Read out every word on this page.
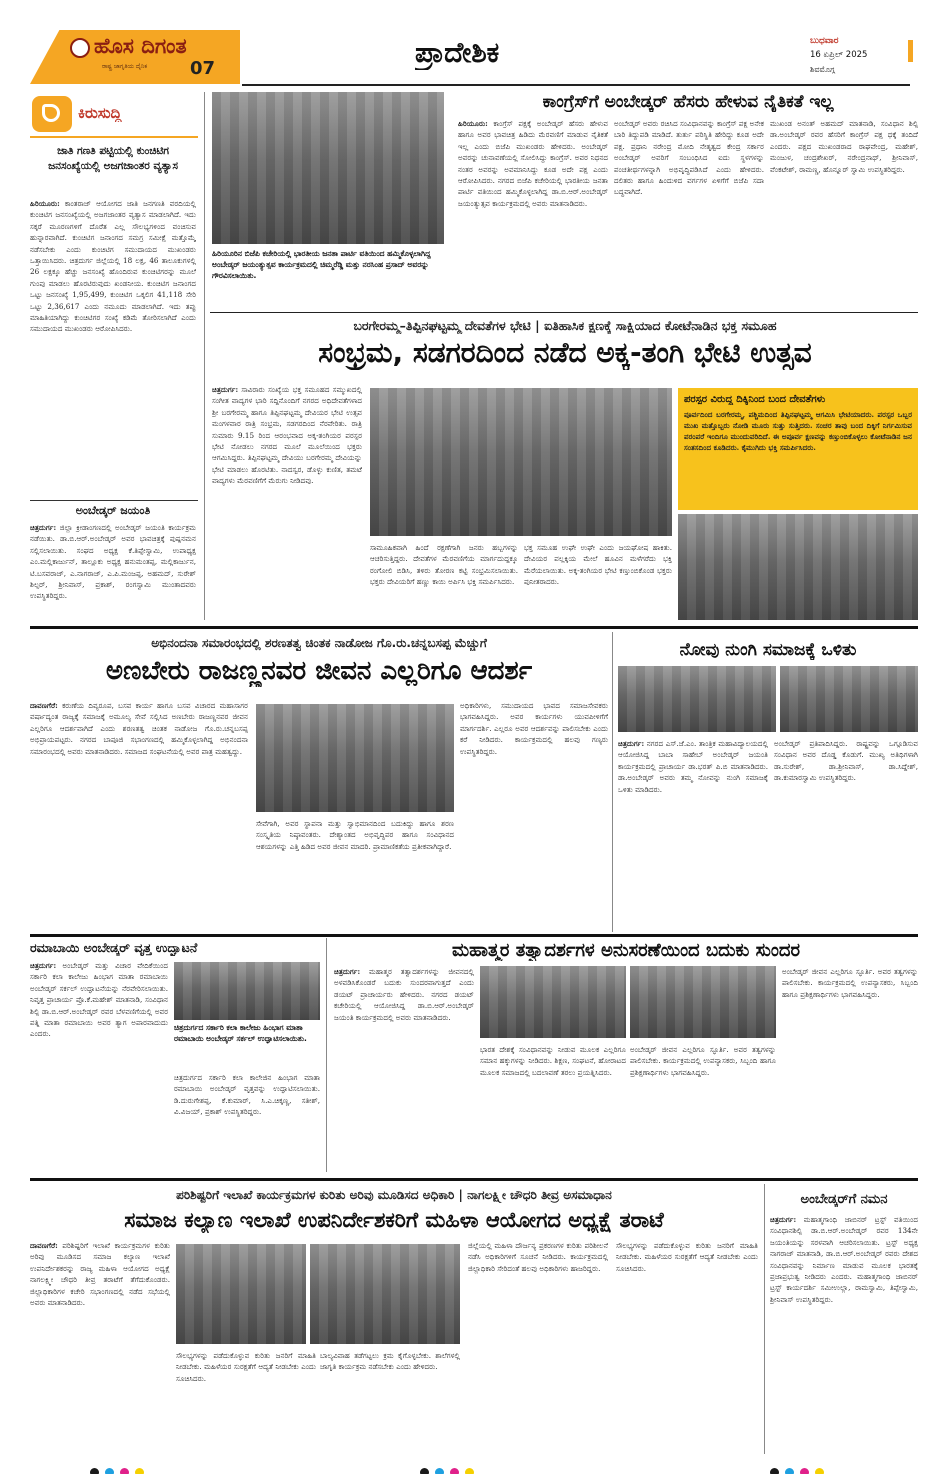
ಹೊಸ ದಿಗಂತ
ರಾಷ್ಟ್ರ ಜಾಗೃತಿಯ ದೈನಿಕ 07	ಪ್ರಾದೇಶಿಕ	ಬುಧವಾರ
16 ಏಪ್ರಿಲ್ 2025
ಶಿವಮೊಗ್ಗ
ಕಿರುಸುದ್ದಿ
ಜಾತಿ ಗಣತಿ ಪಟ್ಟಿಯಲ್ಲಿ ಕುಂಚಿಟಿಗ ಜನಸಂಖ್ಯೆಯಲ್ಲಿ ಅಜಗಜಾಂತರ ವ್ಯತ್ಯಾಸ
ಹಿರಿಯೂರು: ಕಾಂತರಾಜ್ ಆಯೋಗದ ಜಾತಿ ಜನಗಣತಿ ವರದಿಯಲ್ಲಿ ಕುಂಚಿಟಿಗ ಜನಸಂಖ್ಯೆಯಲ್ಲಿ ಅಜಗಜಾಂತರ ವ್ಯತ್ಯಾಸ ಮಾಡಲಾಗಿದೆ. ಇದು ಸಕ್ಕರೆ ಮೂರಣಗಳಿಗೆ ದೊರೆತ ಎಲ್ಲ ಸೌಲಭ್ಯಗಳಿಂದ ವಂಚಿಸುವ ಹುನ್ನಾರವಾಗಿದೆ. ಕುಂಚಿಟಿಗ ಜನಾಂಗದ ಸಮಗ್ರ ಸಮೀಕ್ಷೆ ಮತ್ತೊಮ್ಮೆ ನಡೆಸಬೇಕು ಎಂದು ಕುಂಚಿಟಿಗ ಸಮುದಾಯದ ಮುಖಂಡರು ಒತ್ತಾಯಿಸಿದರು. ಚಿತ್ರದುರ್ಗ ಜಿಲ್ಲೆಯಲ್ಲಿ 18 ಲಕ್ಷ, 46 ತಾಲೂಕುಗಳಲ್ಲಿ 26 ಲಕ್ಷಕ್ಕೂ ಹೆಚ್ಚು ಜನಸಂಖ್ಯೆ ಹೊಂದಿರುವ ಕುಂಚಿಟಿಗರನ್ನು ಮೂಲೆ ಗುಂಪು ಮಾಡಲು ಹೊರಟಿರುವುದು ಖಂಡನೀಯ. ಕುಂಚಿಟಿಗ ಜನಾಂಗದ ಒಟ್ಟು ಜನಸಂಖ್ಯೆ 1,95,499, ಕುಂಚಿಟಿಗ ಒಕ್ಕಲಿಗ 41,118 ಸೇರಿ ಒಟ್ಟು 2,36,617 ಎಂದು ನಮೂದು ಮಾಡಲಾಗಿದೆ. ಇದು ತಪ್ಪು ಮಾಹಿತಿಯಾಗಿದ್ದು ಕುಂಚಿಟಿಗರ ಸಂಖ್ಯೆ ಕಡಿಮೆ ತೋರಿಸಲಾಗಿದೆ ಎಂದು ಸಮುದಾಯದ ಮುಖಂಡರು ಆರೋಪಿಸಿದರು.
ಅಂಬೇಡ್ಕರ್ ಜಯಂತಿ
ಚಿತ್ರದುರ್ಗ: ಜಿಲ್ಲಾ ಕ್ರೀಡಾಂಗಣದಲ್ಲಿ ಅಂಬೇಡ್ಕರ್ ಜಯಂತಿ ಕಾರ್ಯಕ್ರಮ ನಡೆಯಿತು. ಡಾ.ಬಿ.ಆರ್.ಅಂಬೇಡ್ಕರ್ ಅವರ ಭಾವಚಿತ್ರಕ್ಕೆ ಪುಷ್ಪನಮನ ಸಲ್ಲಿಸಲಾಯಿತು. ಸಂಘದ ಅಧ್ಯಕ್ಷ ಕೆ.ತಿಪ್ಪೇಸ್ವಾಮಿ, ಉಪಾಧ್ಯಕ್ಷ ಎಂ.ಮಲ್ಲಿಕಾರ್ಜುನ್, ತಾಲ್ಲೂಕು ಅಧ್ಯಕ್ಷ ಹನುಮಂತಪ್ಪ, ಮಲ್ಲಿಕಾರ್ಜುನ, ಟಿ.ಬಸವರಾಜ್, ಎ.ನಾಗರಾಜ್, ಎ.ಪಿ.ಮಂಜಪ್ಪ, ಅಹಮದ್, ಸುರೇಶ್ ಶಿಲ್ಪರ್, ಶ್ರೀನಿವಾಸ್, ಪ್ರಕಾಶ್, ರಂಗಸ್ವಾಮಿ ಮುಂತಾದವರು ಉಪಸ್ಥಿತರಿದ್ದರು.
ಹಿರಿಯೂರಿನ ಬಿಜೆಪಿ ಕಚೇರಿಯಲ್ಲಿ ಭಾರತೀಯ ಜನತಾ ಪಾರ್ಟಿ ವತಿಯಿಂದ ಹಮ್ಮಿಕೊಳ್ಳಲಾಗಿದ್ದ ಅಂಬೇಡ್ಕರ್ ಜಯಂತ್ಯುತ್ಸವ ಕಾರ್ಯಕ್ರಮದಲ್ಲಿ ಚಿಮ್ಮರೆಡ್ಡಿ ಮತ್ತು ನರಸಿಂಹ ಪ್ರಸಾದ್ ಅವರನ್ನು ಗೌರವಿಸಲಾಯಿತು.
ಕಾಂಗ್ರೆಸ್‌ಗೆ ಅಂಬೇಡ್ಕರ್ ಹೆಸರು ಹೇಳುವ ನೈತಿಕತೆ ಇಲ್ಲ
ಹಿರಿಯೂರು: ಕಾಂಗ್ರೆಸ್ ಪಕ್ಷಕ್ಕೆ ಅಂಬೇಡ್ಕರ್ ಹೆಸರು ಹೇಳುವ ಹಾಗೂ ಅವರ ಭಾವಚಿತ್ರ ಹಿಡಿದು ಮೆರವಣಿಗೆ ಮಾಡುವ ನೈತಿಕತೆ ಇಲ್ಲ ಎಂದು ಬಿಜೆಪಿ ಮುಖಂಡರು ಹೇಳಿದರು. ಅಂಬೇಡ್ಕರ್ ಅವರನ್ನು ಚುನಾವಣೆಯಲ್ಲಿ ಸೋಲಿಸಿದ್ದು ಕಾಂಗ್ರೆಸ್. ಅವರ ನಿಧನದ ನಂತರ ಅವರನ್ನು ಅವಮಾನಿಸಿದ್ದು ಕೂಡ ಅದೇ ಪಕ್ಷ ಎಂದು ಆರೋಪಿಸಿದರು. ನಗರದ ಬಿಜೆಪಿ ಕಚೇರಿಯಲ್ಲಿ ಭಾರತೀಯ ಜನತಾ ಪಾರ್ಟಿ ವತಿಯಿಂದ ಹಮ್ಮಿಕೊಳ್ಳಲಾಗಿದ್ದ ಡಾ.ಬಿ.ಆರ್.ಅಂಬೇಡ್ಕರ್ ಜಯಂತ್ಯುತ್ಸವ ಕಾರ್ಯಕ್ರಮದಲ್ಲಿ ಅವರು ಮಾತನಾಡಿದರು.
ಅಂಬೇಡ್ಕರ್ ಅವರು ರಚಿಸಿದ ಸಂವಿಧಾನವನ್ನು ಕಾಂಗ್ರೆಸ್ ಪಕ್ಷ ಅನೇಕ ಬಾರಿ ತಿದ್ದುಪಡಿ ಮಾಡಿದೆ. ತುರ್ತು ಪರಿಸ್ಥಿತಿ ಹೇರಿದ್ದು ಕೂಡ ಅದೇ ಪಕ್ಷ. ಪ್ರಧಾನಿ ನರೇಂದ್ರ ಮೋದಿ ನೇತೃತ್ವದ ಕೇಂದ್ರ ಸರ್ಕಾರ ಅಂಬೇಡ್ಕರ್ ಅವರಿಗೆ ಸಂಬಂಧಿಸಿದ ಐದು ಸ್ಥಳಗಳನ್ನು ಪಂಚತೀರ್ಥಗಳನ್ನಾಗಿ ಅಭಿವೃದ್ಧಿಪಡಿಸಿದೆ ಎಂದು ಹೇಳಿದರು. ದಲಿತರು ಹಾಗೂ ಹಿಂದುಳಿದ ವರ್ಗಗಳ ಏಳಿಗೆಗೆ ಬಿಜೆಪಿ ಸದಾ ಬದ್ಧವಾಗಿದೆ.
ಮುಖಂಡ ಅನಂತ್ ಅಹಮದ್ ಮಾತನಾಡಿ, ಸಂವಿಧಾನ ಶಿಲ್ಪಿ ಡಾ.ಅಂಬೇಡ್ಕರ್ ರವರ ಹೆಸರಿಗೆ ಕಾಂಗ್ರೆಸ್ ಪಕ್ಷ ಧಕ್ಕೆ ತಂದಿದೆ ಎಂದರು. ಪಕ್ಷದ ಮುಖಂಡರಾದ ರಾಘವೇಂದ್ರ, ಮಹೇಶ್, ಮಂಜುಳ, ಚಂದ್ರಶೇಖರ್, ನರೇಂದ್ರನಾಥ್, ಶ್ರೀನಿವಾಸ್, ವೆಂಕಟೇಶ್, ರಾಮಣ್ಣ, ಹೊನ್ನೂರ್ ಸ್ವಾಮಿ ಉಪಸ್ಥಿತರಿದ್ದರು.
ಬರಗೇರಮ್ಮ–ತಿಪ್ಪಿನಘಟ್ಟಮ್ಮ ದೇವತೆಗಳ ಭೇಟಿ | ಐತಿಹಾಸಿಕ ಕ್ಷಣಕ್ಕೆ ಸಾಕ್ಷಿಯಾದ ಕೋಟೆನಾಡಿನ ಭಕ್ತ ಸಮೂಹ
ಸಂಭ್ರಮ, ಸಡಗರದಿಂದ ನಡೆದ ಅಕ್ಕ-ತಂಗಿ ಭೇಟಿ ಉತ್ಸವ
ಚಿತ್ರದುರ್ಗ: ಸಾವಿರಾರು ಸಂಖ್ಯೆಯ ಭಕ್ತ ಸಮೂಹದ ಸಮ್ಮುಖದಲ್ಲಿ ಸಂಗೀತ ವಾದ್ಯಗಳ ಭಾರಿ ಸದ್ದಿನೊಂದಿಗೆ ನಗರದ ಅಧಿದೇವತೆಗಳಾದ ಶ್ರೀ ಬರಗೇರಮ್ಮ ಹಾಗೂ ತಿಪ್ಪಿನಘಟ್ಟಮ್ಮ ದೇವಿಯರ ಭೇಟಿ ಉತ್ಸವ ಮಂಗಳವಾರ ರಾತ್ರಿ ಸಂಭ್ರಮ, ಸಡಗರದಿಂದ ನೆರವೇರಿತು. ರಾತ್ರಿ ಸುಮಾರು 9.15 ರಿಂದ ಆರಂಭವಾದ ಅಕ್ಕ-ತಂಗಿಯರ ಪರಸ್ಪರ ಭೇಟಿ ನೋಡಲು ನಗರದ ಮೂಲೆ ಮೂಲೆಯಿಂದ ಭಕ್ತರು ಆಗಮಿಸಿದ್ದರು. ತಿಪ್ಪಿನಘಟ್ಟಮ್ಮ ದೇವಿಯು ಬರಗೇರಮ್ಮ ದೇವಿಯನ್ನು ಭೇಟಿ ಮಾಡಲು ಹೊರಟಿತು. ನಾದಸ್ವರ, ಡೊಳ್ಳು ಕುಣಿತ, ತಮಟೆ ವಾದ್ಯಗಳು ಮೆರವಣಿಗೆಗೆ ಮೆರುಗು ನೀಡಿದವು.
ಸಾಮೂಹಿಕವಾಗಿ ಹಿಂದೆ ರಕ್ಷಣೆಗಾಗಿ ಜನರು ಹಬ್ಬಗಳನ್ನು ಆಚರಿಸುತ್ತಿದ್ದರು. ದೇವತೆಗಳ ಮೆರವಣಿಗೆಯ ಮಾರ್ಗದುದ್ದಕ್ಕೂ ರಂಗೋಲಿ ಬಿಡಿಸಿ, ತಳಿರು ತೋರಣ ಕಟ್ಟಿ ಸಂಭ್ರಮಿಸಲಾಯಿತು. ಭಕ್ತರು ದೇವಿಯರಿಗೆ ಹಣ್ಣು ಕಾಯಿ ಅರ್ಪಿಸಿ ಭಕ್ತಿ ಸಮರ್ಪಿಸಿದರು.
ಭಕ್ತ ಸಮೂಹ ಉಘೇ ಉಘೇ ಎಂದು ಜಯಘೋಷ ಹಾಕಿತು. ದೇವಿಯರ ಪಲ್ಲಕ್ಕಿಯ ಮೇಲೆ ಹೂವಿನ ಮಳೆಗರೆದು ಭಕ್ತಿ ಮೆರೆಯಲಾಯಿತು. ಅಕ್ಕ-ತಂಗಿಯರ ಭೇಟಿ ಕಣ್ತುಂಬಿಕೊಂಡ ಭಕ್ತರು ಪುನೀತರಾದರು.
ಪರಸ್ಪರ ವಿರುದ್ಧ ದಿಕ್ಕಿನಿಂದ ಬಂದ ದೇವತೆಗಳು
ಪೂರ್ವದಿಂದ ಬರಗೇರಮ್ಮ, ಪಶ್ಚಿಮದಿಂದ ತಿಪ್ಪಿನಘಟ್ಟಮ್ಮ ಆಗಮಿಸಿ ಭೇಟಿಯಾದರು. ಪರಸ್ಪರ ಒಬ್ಬರ ಮುಖ ಮತ್ತೊಬ್ಬರು ನೋಡಿ ಮೂರು ಸುತ್ತು ಸುತ್ತಿದರು. ಸಂಚರ ತಾವು ಬಂದ ದಿಕ್ಕಿಗೆ ನಿರ್ಗಮಿಸುವ ಪರಂಪರೆ ಇಂದಿಗೂ ಮುಂದುವರಿದಿದೆ. ಈ ಅಪೂರ್ವ ಕ್ಷಣವನ್ನು ಕಣ್ತುಂಬಿಕೊಳ್ಳಲು ಕೋಟೆನಾಡಿನ ಜನ ಸಂತಸದಿಂದ ಕೂಡಿದರು. ಕೈಮುಗಿದು ಭಕ್ತಿ ಸಮರ್ಪಿಸಿದರು.
ಅಭಿನಂದನಾ ಸಮಾರಂಭದಲ್ಲಿ ಶರಣತತ್ವ ಚಿಂತಕ ನಾಡೋಜ ಗೊ.ರು.ಚನ್ನಬಸಪ್ಪ ಮೆಚ್ಚುಗೆ
ಅಣಬೇರು ರಾಜಣ್ಣನವರ ಜೀವನ ಎಲ್ಲರಿಗೂ ಆದರ್ಶ
ದಾವಣಗೆರೆ: ಕರುಣೆಯ ದಿವ್ಯರೂಪ, ಬಸವ ಕಾರ್ಯ ಹಾಗೂ ಬಸವ ವಿಚಾರದ ಮಹಾಸಾಗರ ವರ್ಷಾದ್ಯಂತ ರಾಜ್ಯಕ್ಕೆ ಸಮಾಜಕ್ಕೆ ಅಮೂಲ್ಯ ಸೇವೆ ಸಲ್ಲಿಸಿದ ಅಣಬೇರು ರಾಜಣ್ಣನವರ ಜೀವನ ಎಲ್ಲರಿಗೂ ಆದರ್ಶವಾಗಿದೆ ಎಂದು ಶರಣತತ್ವ ಚಿಂತಕ ನಾಡೋಜ ಗೊ.ರು.ಚನ್ನಬಸಪ್ಪ ಅಭಿಪ್ರಾಯಪಟ್ಟರು. ನಗರದ ಬಾಪೂಜಿ ಸಭಾಂಗಣದಲ್ಲಿ ಹಮ್ಮಿಕೊಳ್ಳಲಾಗಿದ್ದ ಅಭಿನಂದನಾ ಸಮಾರಂಭದಲ್ಲಿ ಅವರು ಮಾತನಾಡಿದರು. ಸಮಾಜದ ಸಂಘಟನೆಯಲ್ಲಿ ಅವರ ಪಾತ್ರ ಮಹತ್ವದ್ದು.
ಸೇವೆಗಾಗಿ, ಅವರ ಸ್ಥಾಪನಾ ಮತ್ತು ಸ್ವಾಭಿಮಾನದಿಂದ ಬದುಕಿದ್ದು ಹಾಗೂ ಶರಣ ಸಂಸ್ಕೃತಿಯ ನಿಷ್ಠಾವಂತರು. ದೇಶ್ಯಾಂತದ ಅಭಿವೃದ್ಧಿಪರ ಹಾಗೂ ಸಂವಿಧಾನದ ಆಶಯಗಳನ್ನು ಎತ್ತಿ ಹಿಡಿದ ಅವರ ಜೀವನ ಮಾದರಿ. ಪ್ರಾಮಾಣಿಕತೆಯ ಪ್ರತೀಕವಾಗಿದ್ದಾರೆ.
ಅಧಿಕಾರಿಗಳು, ಸಮುದಾಯದ ಭಾವದ ಸಮಾಜಸೇವಕರು ಭಾಗವಹಿಸಿದ್ದರು. ಅವರ ಕಾರ್ಯಗಳು ಯುವಪೀಳಿಗೆಗೆ ಮಾರ್ಗದರ್ಶಿ. ಎಲ್ಲರೂ ಅವರ ಆದರ್ಶವನ್ನು ಪಾಲಿಸಬೇಕು ಎಂದು ಕರೆ ನೀಡಿದರು. ಕಾರ್ಯಕ್ರಮದಲ್ಲಿ ಹಲವು ಗಣ್ಯರು ಉಪಸ್ಥಿತರಿದ್ದರು.
ನೋವು ನುಂಗಿ ಸಮಾಜಕ್ಕೆ ಒಳಿತು
ಚಿತ್ರದುರ್ಗ: ನಗರದ ಎಸ್.ಜೆ.ಎಂ. ತಾಂತ್ರಿಕ ಮಹಾವಿದ್ಯಾಲಯದಲ್ಲಿ ಆಯೋಜಿಸಿದ್ದ ಬಾಬಾ ಸಾಹೇಬ್ ಅಂಬೇಡ್ಕರ್ ಜಯಂತಿ ಕಾರ್ಯಕ್ರಮದಲ್ಲಿ ಪ್ರಾಚಾರ್ಯ ಡಾ.ಭರತ್ ಪಿ.ಬಿ ಮಾತನಾಡಿದರು. ಡಾ.ಅಂಬೇಡ್ಕರ್ ಅವರು ತಮ್ಮ ನೋವನ್ನು ನುಂಗಿ ಸಮಾಜಕ್ಕೆ ಒಳಿತು ಮಾಡಿದರು.
ಅಂಬೇಡ್ಕರ್ ಪ್ರತಿಪಾದಿಸಿದ್ದರು. ರಾಷ್ಟ್ರವನ್ನು ಒಗ್ಗೂಡಿಸುವ ಸಂವಿಧಾನ ಅವರ ದೊಡ್ಡ ಕೊಡುಗೆ. ಮುಖ್ಯ ಅತಿಥಿಗಳಾಗಿ ಡಾ.ಸುರೇಶ್, ಡಾ.ಶ್ರೀನಿವಾಸ್, ಡಾ.ಸಿದ್ದೇಶ್, ಡಾ.ಕುಮಾರಸ್ವಾಮಿ ಉಪಸ್ಥಿತರಿದ್ದರು.
ರಮಾಬಾಯಿ ಅಂಬೇಡ್ಕರ್ ವೃತ್ತ ಉದ್ಘಾಟನೆ
ಚಿತ್ರದುರ್ಗ: ಅಂಬೇಡ್ಕರ್ ಮತ್ತು ವಿಚಾರ ವೇದಿಕೆಯಿಂದ ಸರ್ಕಾರಿ ಕಲಾ ಕಾಲೇಜು ಹಿಂಭಾಗ ಮಾತಾ ರಮಾಬಾಯಿ ಅಂಬೇಡ್ಕರ್ ಸರ್ಕಲ್ ಉದ್ಘಾಟನೆಯನ್ನು ನೆರವೇರಿಸಲಾಯಿತು. ನಿವೃತ್ತ ಪ್ರಾಚಾರ್ಯ ಪ್ರೊ.ಕೆ.ಮಹೇಶ್ ಮಾತನಾಡಿ, ಸಂವಿಧಾನ ಶಿಲ್ಪಿ ಡಾ.ಬಿ.ಆರ್.ಅಂಬೇಡ್ಕರ್ ರವರ ಬೆಳವಣಿಗೆಯಲ್ಲಿ ಅವರ ಪತ್ನಿ ಮಾತಾ ರಮಾಬಾಯಿ ಅವರ ತ್ಯಾಗ ಅಪಾರವಾದುದು ಎಂದರು.
ಚಿತ್ರದುರ್ಗದ ಸರ್ಕಾರಿ ಕಲಾ ಕಾಲೇಜು ಹಿಂಭಾಗ ಮಾತಾ ರಮಾಬಾಯಿ ಅಂಬೇಡ್ಕರ್ ಸರ್ಕಲ್ ಉದ್ಘಾಟಿಸಲಾಯಿತು.
ಚಿತ್ರದುರ್ಗದ ಸರ್ಕಾರಿ ಕಲಾ ಕಾಲೇಜಿನ ಹಿಂಭಾಗ ಮಾತಾ ರಮಾಬಾಯಿ ಅಂಬೇಡ್ಕರ್ ವೃತ್ತವನ್ನು ಉದ್ಘಾಟಿಸಲಾಯಿತು. ಡಿ.ದುರುಗೇಶಪ್ಪ, ಕೆ.ಕುಮಾರ್, ಸಿ.ಎ.ಚಿಕ್ಕಣ್ಣ, ಸತೀಶ್, ವಿ.ವಿಜಯ್, ಪ್ರಕಾಶ್ ಉಪಸ್ಥಿತರಿದ್ದರು.
ಮಹಾತ್ಮರ ತತ್ವಾದರ್ಶಗಳ ಅನುಸರಣೆಯಿಂದ ಬದುಕು ಸುಂದರ
ಚಿತ್ರದುರ್ಗ: ಮಹಾತ್ಮರ ತತ್ವಾದರ್ಶಗಳನ್ನು ಜೀವನದಲ್ಲಿ ಅಳವಡಿಸಿಕೊಂಡರೆ ಬದುಕು ಸುಂದರವಾಗುತ್ತದೆ ಎಂದು ಡಯಟ್ ಪ್ರಾಚಾರ್ಯರು ಹೇಳಿದರು. ನಗರದ ಡಯಟ್ ಕಚೇರಿಯಲ್ಲಿ ಆಯೋಜಿಸಿದ್ದ ಡಾ.ಬಿ.ಆರ್.ಅಂಬೇಡ್ಕರ್ ಜಯಂತಿ ಕಾರ್ಯಕ್ರಮದಲ್ಲಿ ಅವರು ಮಾತನಾಡಿದರು.
ಭಾರತ ದೇಶಕ್ಕೆ ಸಂವಿಧಾನವನ್ನು ನೀಡುವ ಮೂಲಕ ಎಲ್ಲರಿಗೂ ಸಮಾನ ಹಕ್ಕುಗಳನ್ನು ನೀಡಿದರು. ಶಿಕ್ಷಣ, ಸಂಘಟನೆ, ಹೋರಾಟದ ಮೂಲಕ ಸಮಾಜದಲ್ಲಿ ಬದಲಾವಣೆ ತರಲು ಪ್ರಯತ್ನಿಸಿದರು.
ಅಂಬೇಡ್ಕರ್ ಜೀವನ ಎಲ್ಲರಿಗೂ ಸ್ಫೂರ್ತಿ. ಅವರ ತತ್ವಗಳನ್ನು ಪಾಲಿಸಬೇಕು. ಕಾರ್ಯಕ್ರಮದಲ್ಲಿ ಉಪನ್ಯಾಸಕರು, ಸಿಬ್ಬಂದಿ ಹಾಗೂ ಪ್ರಶಿಕ್ಷಣಾರ್ಥಿಗಳು ಭಾಗವಹಿಸಿದ್ದರು.
ಅಂಬೇಡ್ಕರ್ ಜೀವನ ಎಲ್ಲರಿಗೂ ಸ್ಫೂರ್ತಿ. ಅವರ ತತ್ವಗಳನ್ನು ಪಾಲಿಸಬೇಕು. ಕಾರ್ಯಕ್ರಮದಲ್ಲಿ ಉಪನ್ಯಾಸಕರು, ಸಿಬ್ಬಂದಿ ಹಾಗೂ ಪ್ರಶಿಕ್ಷಣಾರ್ಥಿಗಳು ಭಾಗವಹಿಸಿದ್ದರು.
ಪರಿಶಿಷ್ಟರಿಗೆ ಇಲಾಖೆ ಕಾರ್ಯಕ್ರಮಗಳ ಕುರಿತು ಅರಿವು ಮೂಡಿಸದ ಅಧಿಕಾರಿ | ನಾಗಲಕ್ಷ್ಮೀ ಚೌಧರಿ ತೀವ್ರ ಅಸಮಾಧಾನ
ಸಮಾಜ ಕಲ್ಯಾಣ ಇಲಾಖೆ ಉಪನಿರ್ದೇಶಕರಿಗೆ ಮಹಿಳಾ ಆಯೋಗದ ಅಧ್ಯಕ್ಷೆ ತರಾಟೆ
ದಾವಣಗೆರೆ: ಪರಿಶಿಷ್ಟರಿಗೆ ಇಲಾಖೆ ಕಾರ್ಯಕ್ರಮಗಳ ಕುರಿತು ಅರಿವು ಮೂಡಿಸದ ಸಮಾಜ ಕಲ್ಯಾಣ ಇಲಾಖೆ ಉಪನಿರ್ದೇಶಕರನ್ನು ರಾಜ್ಯ ಮಹಿಳಾ ಆಯೋಗದ ಅಧ್ಯಕ್ಷೆ ನಾಗಲಕ್ಷ್ಮೀ ಚೌಧರಿ ತೀವ್ರ ತರಾಟೆಗೆ ತೆಗೆದುಕೊಂಡರು. ಜಿಲ್ಲಾಧಿಕಾರಿಗಳ ಕಚೇರಿ ಸಭಾಂಗಣದಲ್ಲಿ ನಡೆದ ಸಭೆಯಲ್ಲಿ ಅವರು ಮಾತನಾಡಿದರು.
ಸೌಲಭ್ಯಗಳನ್ನು ಪಡೆದುಕೊಳ್ಳುವ ಕುರಿತು ಜನರಿಗೆ ಮಾಹಿತಿ ನೀಡಬೇಕು. ಮಹಿಳೆಯರ ಸುರಕ್ಷತೆಗೆ ಆದ್ಯತೆ ನೀಡಬೇಕು ಎಂದು ಸೂಚಿಸಿದರು.
ಬಾಲ್ಯವಿವಾಹ ತಡೆಗಟ್ಟಲು ಕ್ರಮ ಕೈಗೊಳ್ಳಬೇಕು. ಶಾಲೆಗಳಲ್ಲಿ ಜಾಗೃತಿ ಕಾರ್ಯಕ್ರಮ ನಡೆಸಬೇಕು ಎಂದು ಹೇಳಿದರು.
ಜಿಲ್ಲೆಯಲ್ಲಿ ಮಹಿಳಾ ದೌರ್ಜನ್ಯ ಪ್ರಕರಣಗಳ ಕುರಿತು ಪರಿಶೀಲನೆ ನಡೆಸಿ ಅಧಿಕಾರಿಗಳಿಗೆ ಸೂಚನೆ ನೀಡಿದರು. ಕಾರ್ಯಕ್ರಮದಲ್ಲಿ ಜಿಲ್ಲಾಧಿಕಾರಿ ಸೇರಿದಂತೆ ಹಲವು ಅಧಿಕಾರಿಗಳು ಹಾಜರಿದ್ದರು.
ಸೌಲಭ್ಯಗಳನ್ನು ಪಡೆದುಕೊಳ್ಳುವ ಕುರಿತು ಜನರಿಗೆ ಮಾಹಿತಿ ನೀಡಬೇಕು. ಮಹಿಳೆಯರ ಸುರಕ್ಷತೆಗೆ ಆದ್ಯತೆ ನೀಡಬೇಕು ಎಂದು ಸೂಚಿಸಿದರು.
ಅಂಬೇಡ್ಕರ್‌ಗೆ ನಮನ
ಚಿತ್ರದುರ್ಗ: ಮಹಾತ್ಮಗಾಂಧಿ ಜಾಬಿನರ್ ಟ್ರಸ್ಟ್ ವತಿಯಿಂದ ಸಂವಿಧಾನಶಿಲ್ಪಿ ಡಾ.ಬಿ.ಆರ್.ಅಂಬೇಡ್ಕರ್ ರವರ 134ನೇ ಜಯಂತಿಯನ್ನು ಸರಳವಾಗಿ ಆಚರಿಸಲಾಯಿತು. ಟ್ರಸ್ಟ್ ಅಧ್ಯಕ್ಷ ನಾಗರಾಜ್ ಮಾತನಾಡಿ, ಡಾ.ಬಿ.ಆರ್.ಅಂಬೇಡ್ಕರ್ ರವರು ದೇಶದ ಸಂವಿಧಾನವನ್ನು ನಿರ್ಮಾಣ ಮಾಡುವ ಮೂಲಕ ಭಾರತಕ್ಕೆ ಪ್ರಜಾಪ್ರಭುತ್ವ ನೀಡಿದರು ಎಂದರು. ಮಹಾತ್ಮಗಾಂಧಿ ಜಾಬಿನರ್ ಟ್ರಸ್ಟ್ ಕಾರ್ಯದರ್ಶಿ ಸಮೀಉಲ್ಲಾ, ರಾಮಸ್ವಾಮಿ, ತಿಪ್ಪೇಸ್ವಾಮಿ, ಶ್ರೀನಿವಾಸ್ ಉಪಸ್ಥಿತರಿದ್ದರು.
